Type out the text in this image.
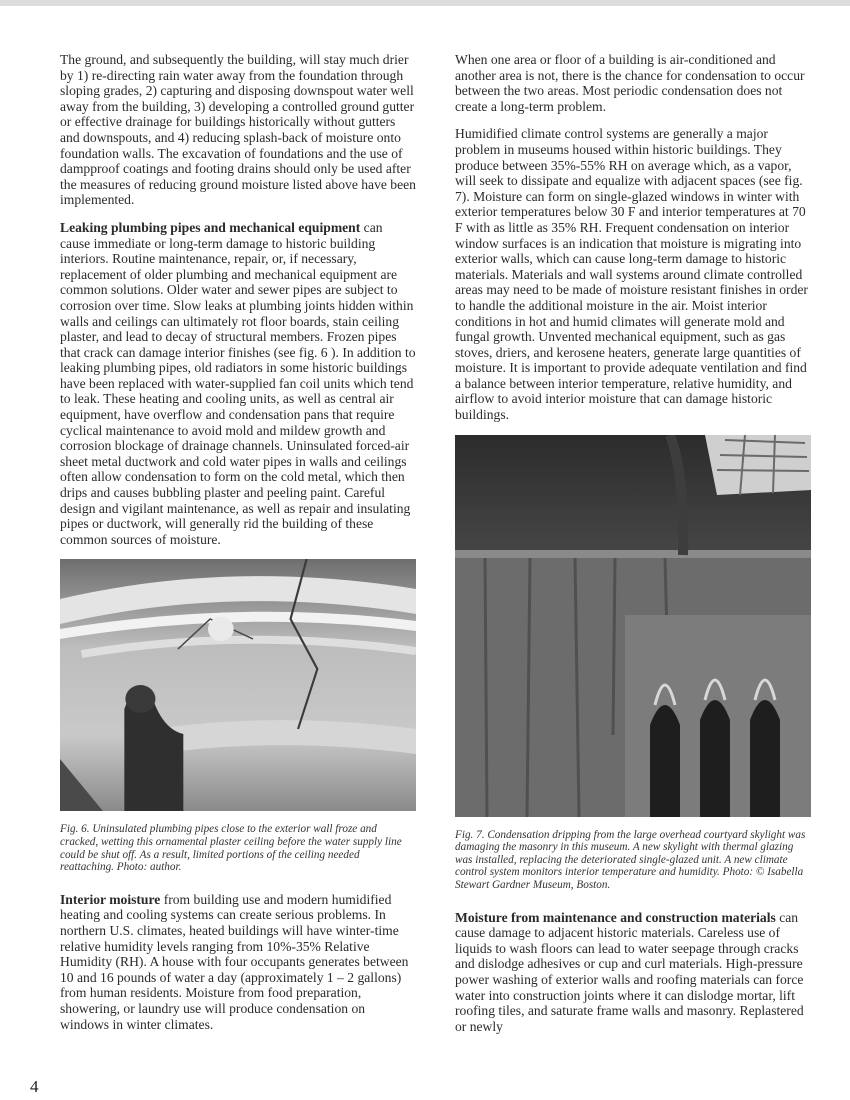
The ground, and subsequently the building, will stay much drier by 1) re-directing rain water away from the foundation through sloping grades, 2) capturing and disposing downspout water well away from the building, 3) developing a controlled ground gutter or effective drainage for buildings historically without gutters and downspouts, and 4) reducing splash-back of moisture onto foundation walls. The excavation of foundations and the use of dampproof coatings and footing drains should only be used after the measures of reducing ground moisture listed above have been implemented.

Leaking plumbing pipes and mechanical equipment can cause immediate or long-term damage to historic building interiors. Routine maintenance, repair, or, if necessary, replacement of older plumbing and mechanical equipment are common solutions. Older water and sewer pipes are subject to corrosion over time. Slow leaks at plumbing joints hidden within walls and ceilings can ultimately rot floor boards, stain ceiling plaster, and lead to decay of structural members. Frozen pipes that crack can damage interior finishes (see fig. 6 ). In addition to leaking plumbing pipes, old radiators in some historic buildings have been replaced with water-supplied fan coil units which tend to leak. These heating and cooling units, as well as central air equipment, have overflow and condensation pans that require cyclical maintenance to avoid mold and mildew growth and corrosion blockage of drainage channels. Uninsulated forced-air sheet metal ductwork and cold water pipes in walls and ceilings often allow condensation to form on the cold metal, which then drips and causes bubbling plaster and peeling paint. Careful design and vigilant maintenance, as well as repair and insulating pipes or ductwork, will generally rid the building of these common sources of moisture.

Fig. 6. Uninsulated plumbing pipes close to the exterior wall froze and cracked, wetting this ornamental plaster ceiling before the water supply line could be shut off. As a result, limited portions of the ceiling needed reattaching. Photo: author.

Interior moisture from building use and modern humidified heating and cooling systems can create serious problems. In northern U.S. climates, heated buildings will have winter-time relative humidity levels ranging from 10%-35% Relative Humidity (RH). A house with four occupants generates between 10 and 16 pounds of water a day (approximately 1 – 2 gallons) from human residents. Moisture from food preparation, showering, or laundry use will produce condensation on windows in winter climates.

When one area or floor of a building is air-conditioned and another area is not, there is the chance for condensation to occur between the two areas. Most periodic condensation does not create a long-term problem.

Humidified climate control systems are generally a major problem in museums housed within historic buildings. They produce between 35%-55% RH on average which, as a vapor, will seek to dissipate and equalize with adjacent spaces (see fig. 7). Moisture can form on single-glazed windows in winter with exterior temperatures below 30 F and interior temperatures at 70 F with as little as 35% RH. Frequent condensation on interior window surfaces is an indication that moisture is migrating into exterior walls, which can cause long-term damage to historic materials. Materials and wall systems around climate controlled areas may need to be made of moisture resistant finishes in order to handle the additional moisture in the air. Moist interior conditions in hot and humid climates will generate mold and fungal growth. Unvented mechanical equipment, such as gas stoves, driers, and kerosene heaters, generate large quantities of moisture. It is important to provide adequate ventilation and find a balance between interior temperature, relative humidity, and airflow to avoid interior moisture that can damage historic buildings.

Fig. 7. Condensation dripping from the large overhead courtyard skylight was damaging the masonry in this museum. A new skylight with thermal glazing was installed, replacing the deteriorated single-glazed unit. A new climate control system monitors interior temperature and humidity. Photo: © Isabella Stewart Gardner Museum, Boston.

Moisture from maintenance and construction materials can cause damage to adjacent historic materials. Careless use of liquids to wash floors can lead to water seepage through cracks and dislodge adhesives or cup and curl materials. High-pressure power washing of exterior walls and roofing materials can force water into construction joints where it can dislodge mortar, lift roofing tiles, and saturate frame walls and masonry. Replastered or newly

4
